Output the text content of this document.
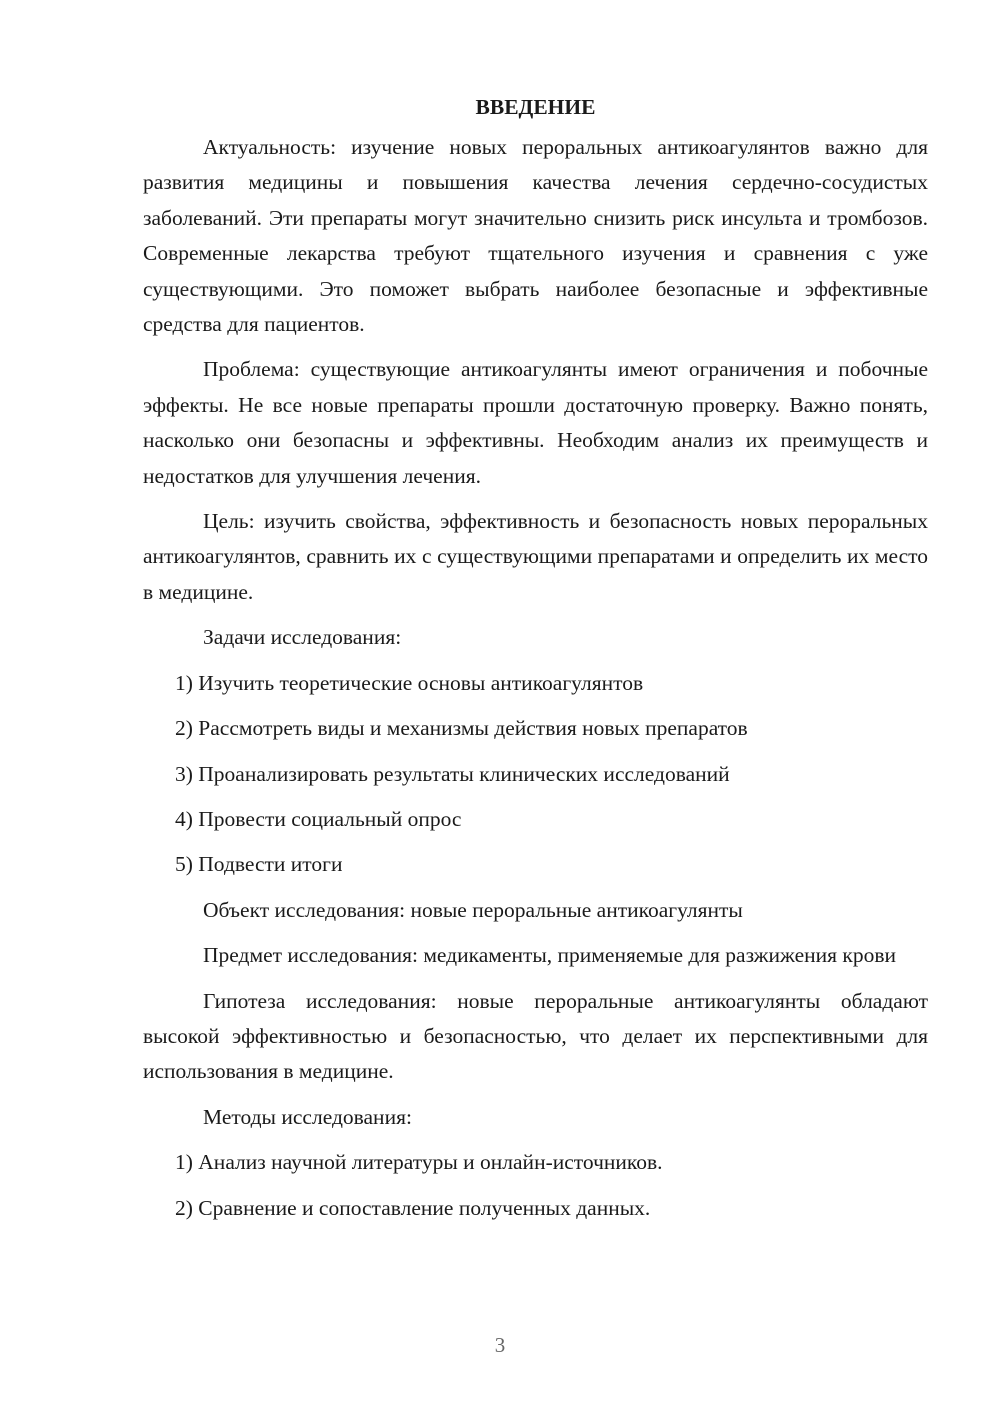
ВВЕДЕНИЕ

Актуальность: изучение новых пероральных антикоагулянтов важно для развития медицины и повышения качества лечения сердечно-сосудистых заболеваний. Эти препараты могут значительно снизить риск инсульта и тромбозов. Современные лекарства требуют тщательного изучения и сравнения с уже существующими. Это поможет выбрать наиболее безопасные и эффективные средства для пациентов.

Проблема: существующие антикоагулянты имеют ограничения и побочные эффекты. Не все новые препараты прошли достаточную проверку. Важно понять, насколько они безопасны и эффективны. Необходим анализ их преимуществ и недостатков для улучшения лечения.

Цель: изучить свойства, эффективность и безопасность новых пероральных антикоагулянтов, сравнить их с существующими препаратами и определить их место в медицине.

Задачи исследования:

1) Изучить теоретические основы антикоагулянтов

2) Рассмотреть виды и механизмы действия новых препаратов

3) Проанализировать результаты клинических исследований

4) Провести социальный опрос

5) Подвести итоги

Объект исследования: новые пероральные антикоагулянты

Предмет исследования: медикаменты, применяемые для разжижения крови

Гипотеза исследования: новые пероральные антикоагулянты обладают высокой эффективностью и безопасностью, что делает их перспективными для использования в медицине.

Методы исследования:

1) Анализ научной литературы и онлайн-источников.

2) Сравнение и сопоставление полученных данных.

3
